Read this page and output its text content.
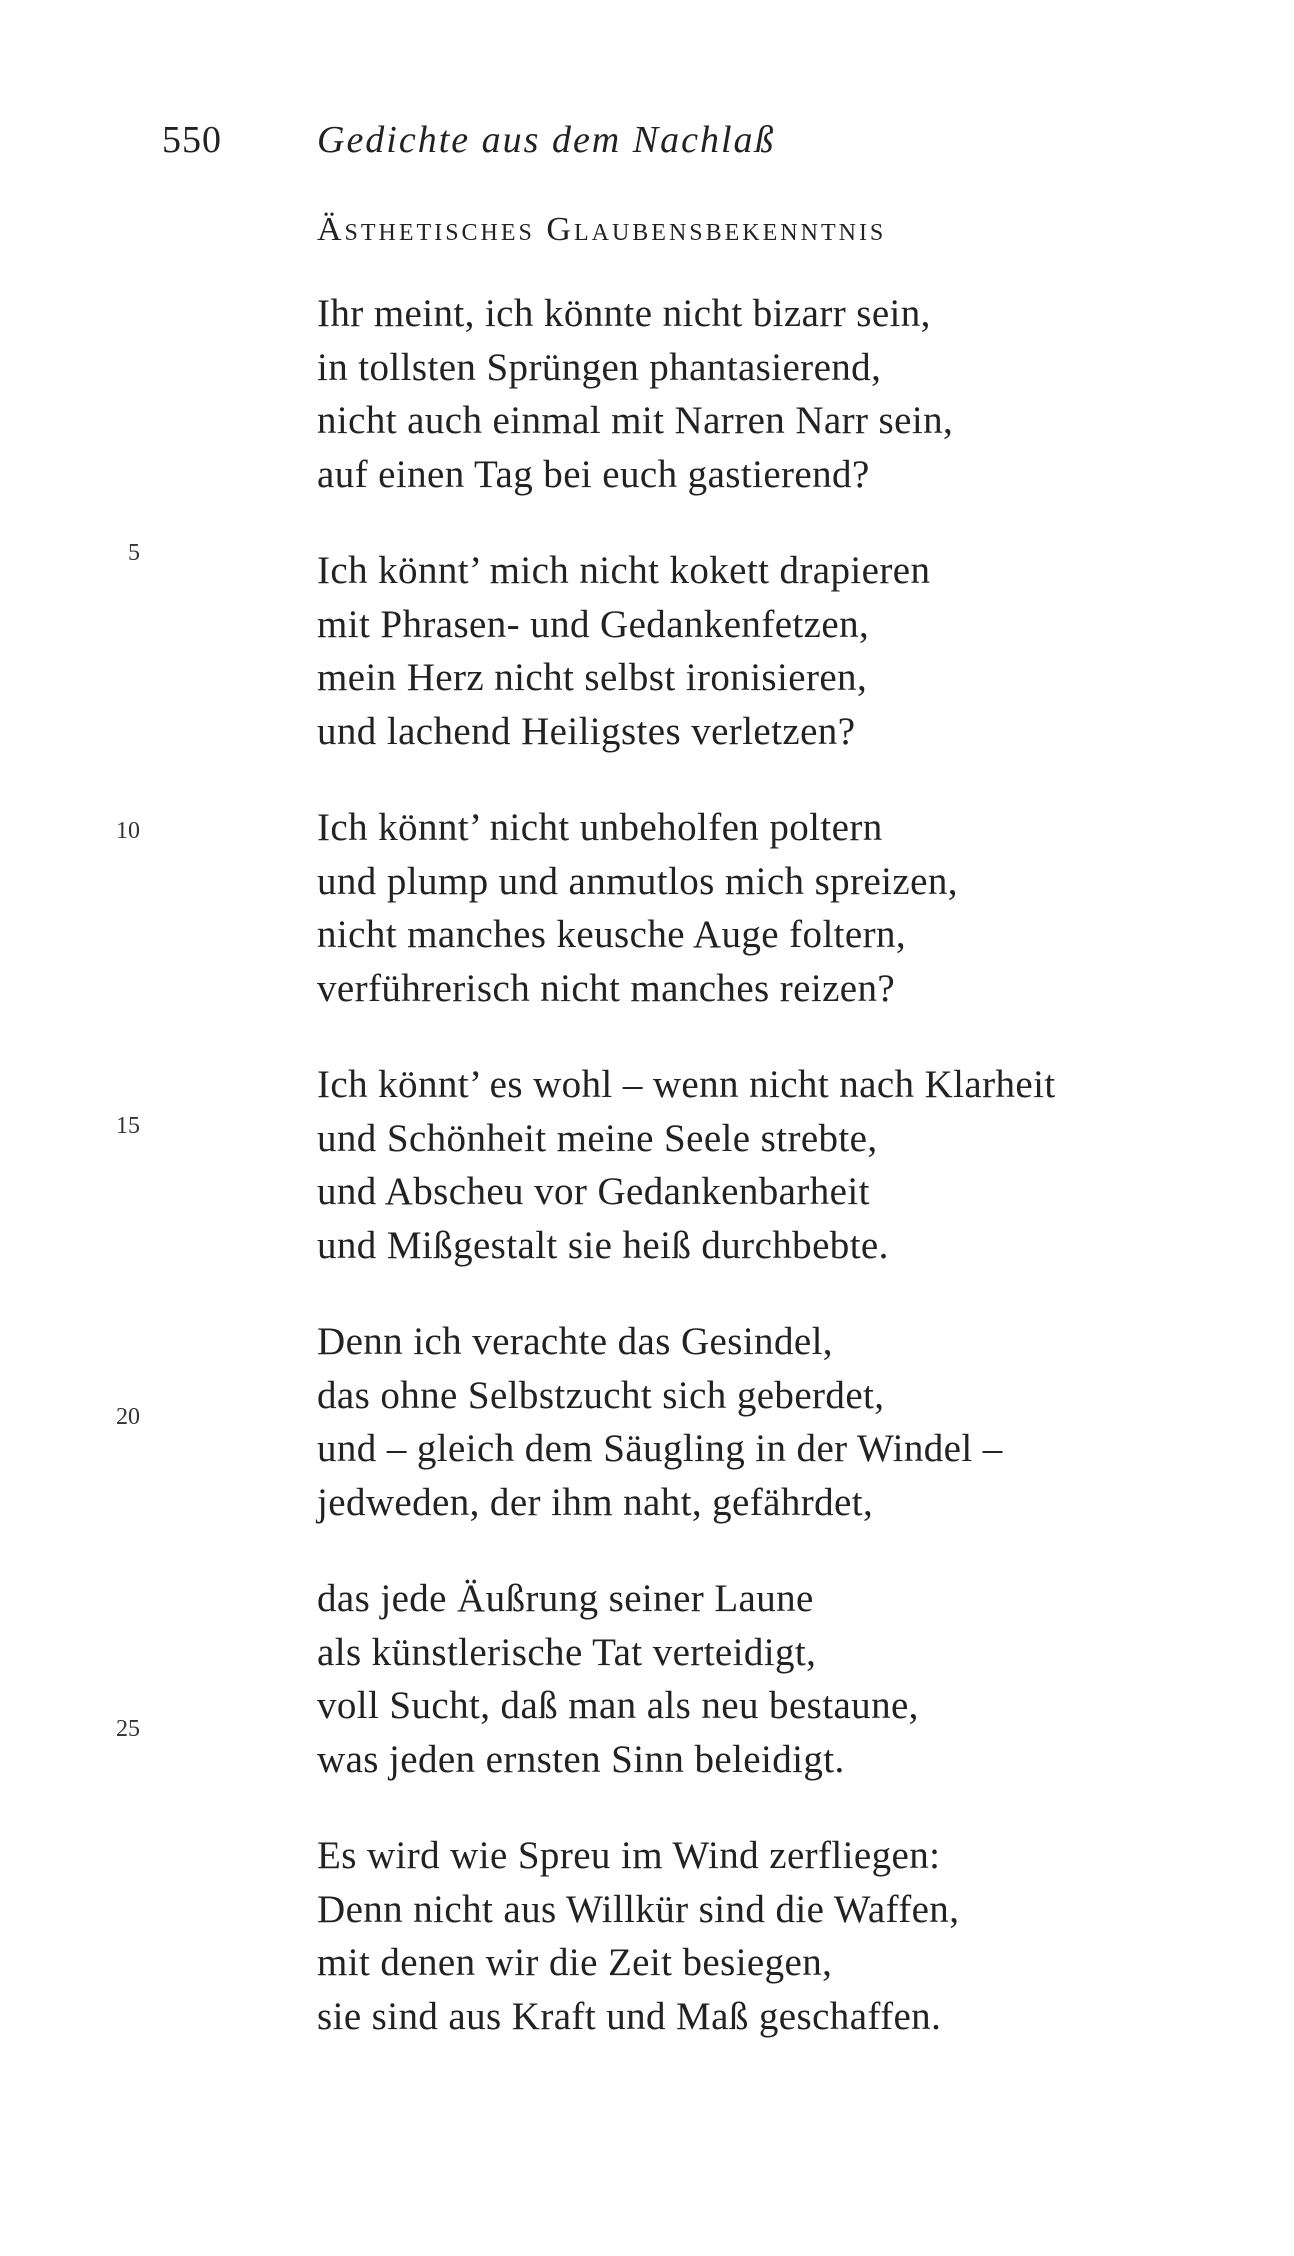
550	Gedichte aus dem Nachlaß
Ästhetisches Glaubensbekenntnis
5
10
15
20
25
Ihr meint, ich könnte nicht bizarr sein,
in tollsten Sprüngen phantasierend,
nicht auch einmal mit Narren Narr sein,
auf einen Tag bei euch gastierend?
Ich könnt’ mich nicht kokett drapieren
mit Phrasen- und Gedankenfetzen,
mein Herz nicht selbst ironisieren,
und lachend Heiligstes verletzen?
Ich könnt’ nicht unbeholfen poltern
und plump und anmutlos mich spreizen,
nicht manches keusche Auge foltern,
verführerisch nicht manches reizen?
Ich könnt’ es wohl – wenn nicht nach Klarheit
und Schönheit meine Seele strebte,
und Abscheu vor Gedankenbarheit
und Mißgestalt sie heiß durchbebte.
Denn ich verachte das Gesindel,
das ohne Selbstzucht sich geberdet,
und – gleich dem Säugling in der Windel –
jedweden, der ihm naht, gefährdet,
das jede Äußrung seiner Laune
als künstlerische Tat verteidigt,
voll Sucht, daß man als neu bestaune,
was jeden ernsten Sinn beleidigt.
Es wird wie Spreu im Wind zerfliegen:
Denn nicht aus Willkür sind die Waffen,
mit denen wir die Zeit besiegen,
sie sind aus Kraft und Maß geschaffen.
